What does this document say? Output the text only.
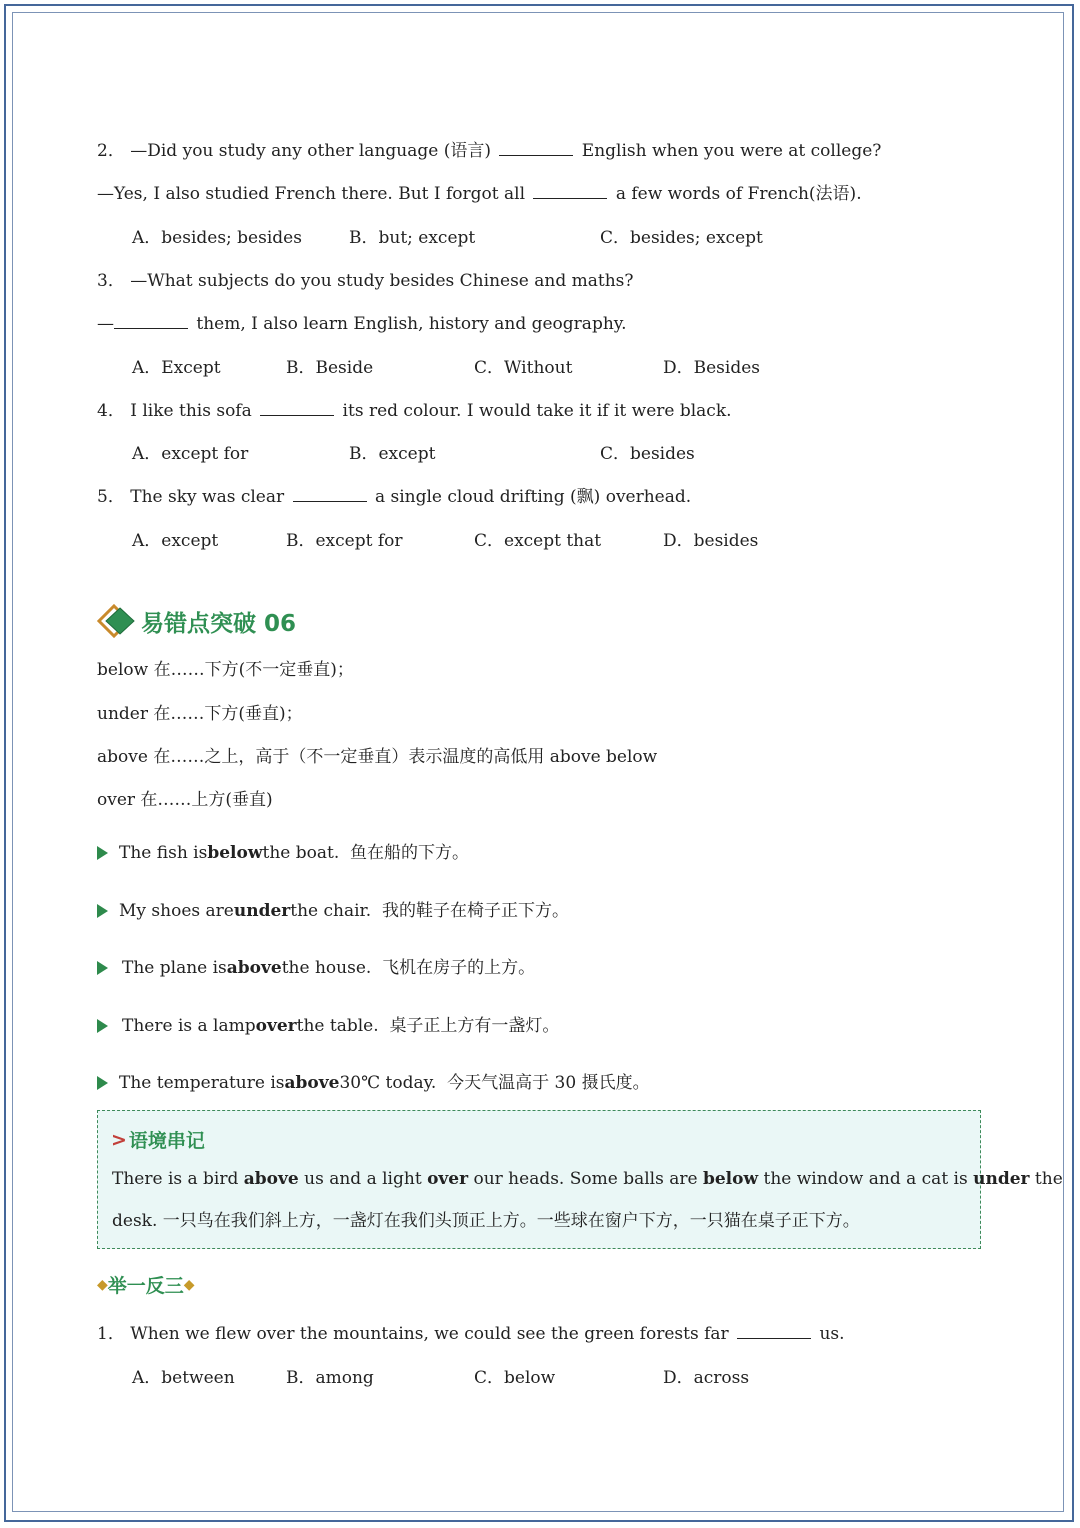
2． —Did you study any other language (语言)	English when you were at college?
—Yes, I also studied French there. But I forgot all	a few words of French(法语).
A．besides; besides	B．but; except	C．besides; except
3． —What subjects do you study besides Chinese and maths?
—	them, I also learn English, history and geography.
A．Except	B．Beside	C．Without	D．Besides
4． I like this sofa	its red colour. I would take it if it were black.
A．except for	B．except	C．besides
5． The sky was clear	a single cloud drifting (飘) overhead.
A．except	B．except for	C．except that	D．besides
易错点突破 06
below 在……下方(不一定垂直)；
under 在……下方(垂直)；
above 在……之上，高于（不一定垂直）表示温度的高低用 above below
over 在……上方(垂直)
The fish is below the boat.
鱼在船的下方。
My shoes are under the chair.
我的鞋子在椅子正下方。
The plane is above the house.
飞机在房子的上方。
There is a lamp over the table.
桌子正上方有一盏灯。
The temperature is above 30℃ today.
今天气温高于 30 摄氏度。
> 语境串记
There is a bird above us and a light over our heads. Some balls are below the window and a cat is under the
desk. 一只鸟在我们斜上方，一盏灯在我们头顶正上方。一些球在窗户下方，一只猫在桌子正下方。
◆ 举一反三 ◆
1． When we flew over the mountains, we could see the green forests far	us.
A．between	B．among	C．below	D．across
